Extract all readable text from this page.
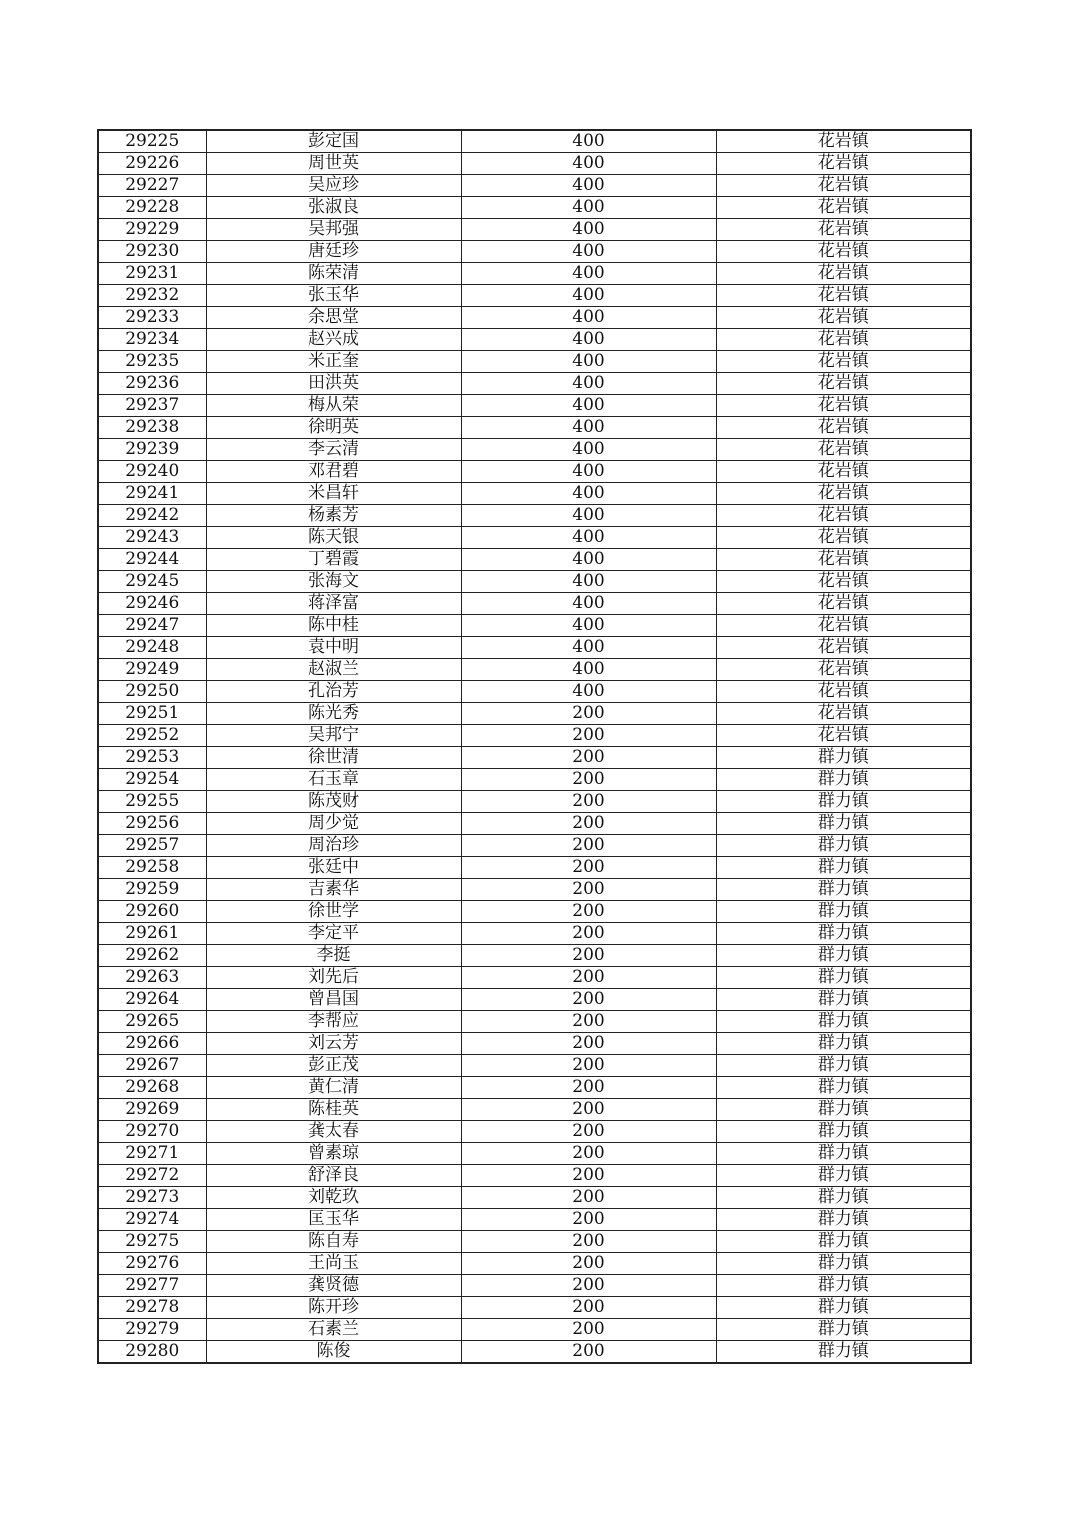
29225	彭定国	400	花岩镇
29226	周世英	400	花岩镇
29227	吴应珍	400	花岩镇
29228	张淑良	400	花岩镇
29229	吴邦强	400	花岩镇
29230	唐廷珍	400	花岩镇
29231	陈荣清	400	花岩镇
29232	张玉华	400	花岩镇
29233	余思堂	400	花岩镇
29234	赵兴成	400	花岩镇
29235	米正奎	400	花岩镇
29236	田洪英	400	花岩镇
29237	梅从荣	400	花岩镇
29238	徐明英	400	花岩镇
29239	李云清	400	花岩镇
29240	邓君碧	400	花岩镇
29241	米昌轩	400	花岩镇
29242	杨素芳	400	花岩镇
29243	陈天银	400	花岩镇
29244	丁碧霞	400	花岩镇
29245	张海文	400	花岩镇
29246	蒋泽富	400	花岩镇
29247	陈中桂	400	花岩镇
29248	袁中明	400	花岩镇
29249	赵淑兰	400	花岩镇
29250	孔治芳	400	花岩镇
29251	陈光秀	200	花岩镇
29252	吴邦宁	200	花岩镇
29253	徐世清	200	群力镇
29254	石玉章	200	群力镇
29255	陈茂财	200	群力镇
29256	周少觉	200	群力镇
29257	周治珍	200	群力镇
29258	张廷中	200	群力镇
29259	吉素华	200	群力镇
29260	徐世学	200	群力镇
29261	李定平	200	群力镇
29262	李挺	200	群力镇
29263	刘先后	200	群力镇
29264	曾昌国	200	群力镇
29265	李帮应	200	群力镇
29266	刘云芳	200	群力镇
29267	彭正茂	200	群力镇
29268	黄仁清	200	群力镇
29269	陈桂英	200	群力镇
29270	龚太春	200	群力镇
29271	曾素琼	200	群力镇
29272	舒泽良	200	群力镇
29273	刘乾玖	200	群力镇
29274	匡玉华	200	群力镇
29275	陈自寿	200	群力镇
29276	王尚玉	200	群力镇
29277	龚贤德	200	群力镇
29278	陈开珍	200	群力镇
29279	石素兰	200	群力镇
29280	陈俊	200	群力镇
